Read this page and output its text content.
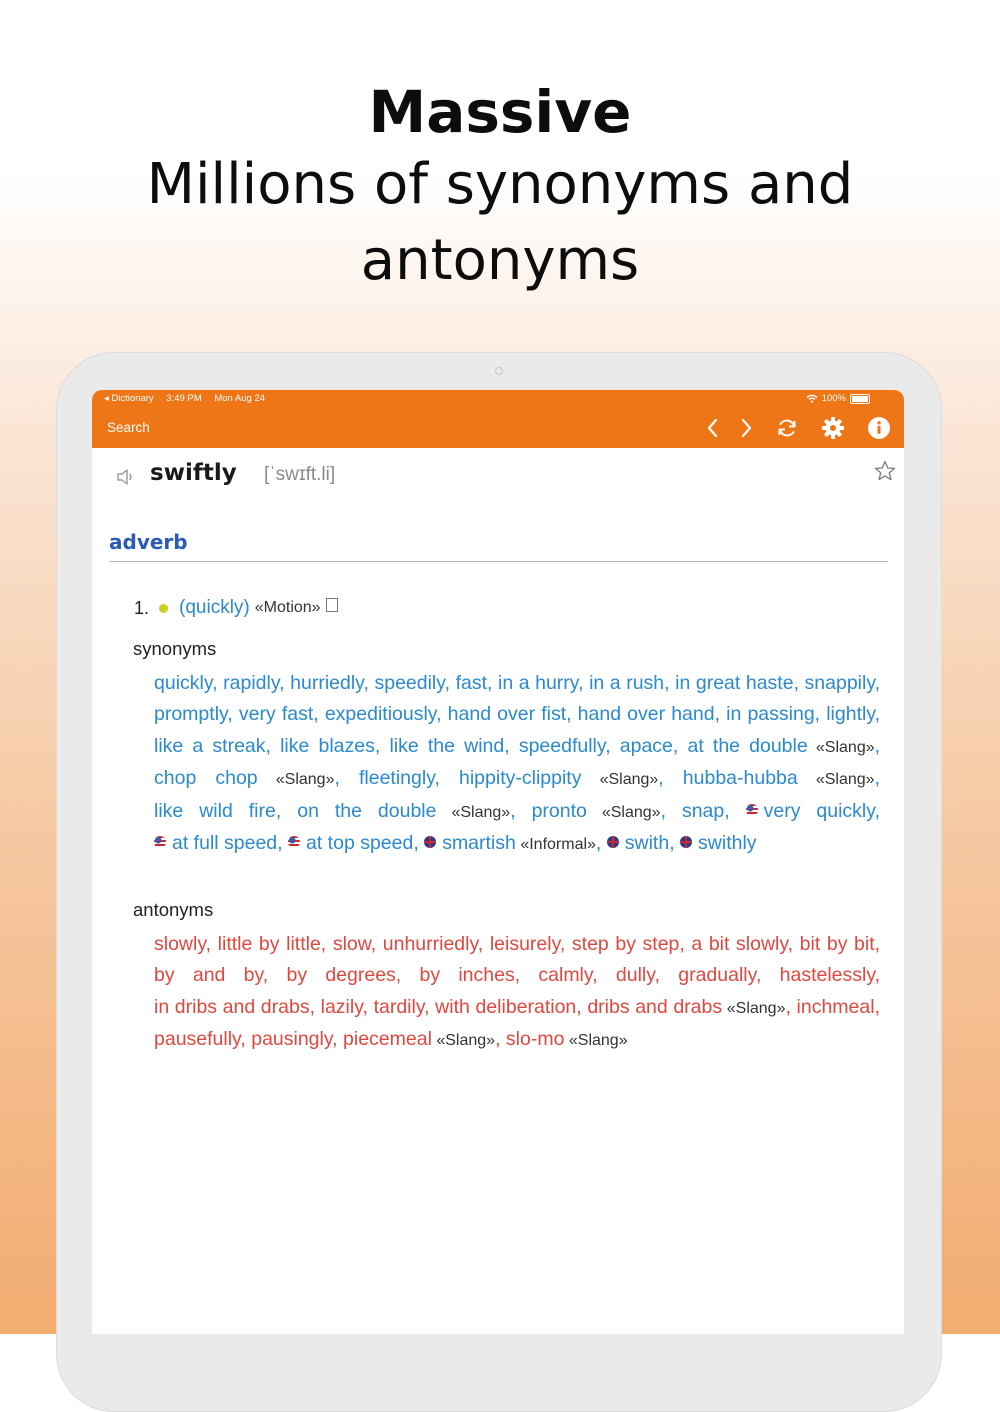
Massive
Millions of synonyms and
antonyms
◂ Dictionary 3:49 PM Mon Aug 24	100%
Search
swiftly [ˈswɪft.li]
adverb
1. (quickly) «Motion»
synonyms
quickly, rapidly, hurriedly, speedily, fast, in a hurry, in a rush, in great haste, snappily, promptly, very fast, expeditiously, hand over fist, hand over hand, in passing, lightly, like a streak, like blazes, like the wind, speedfully, apace, at the double «Slang», chop chop «Slang», fleetingly, hippity-clippity «Slang», hubba-hubba «Slang», like wild fire, on the double «Slang», pronto «Slang», snap, very quickly, at full speed, at top speed, smartish «Informal», swith, swithly
antonyms
slowly, little by little, slow, unhurriedly, leisurely, step by step, a bit slowly, bit by bit, by and by, by degrees, by inches, calmly, dully, gradually, hastelessly, in dribs and drabs, lazily, tardily, with deliberation, dribs and drabs «Slang», inchmeal, pausefully, pausingly, piecemeal «Slang», slo-mo «Slang»
